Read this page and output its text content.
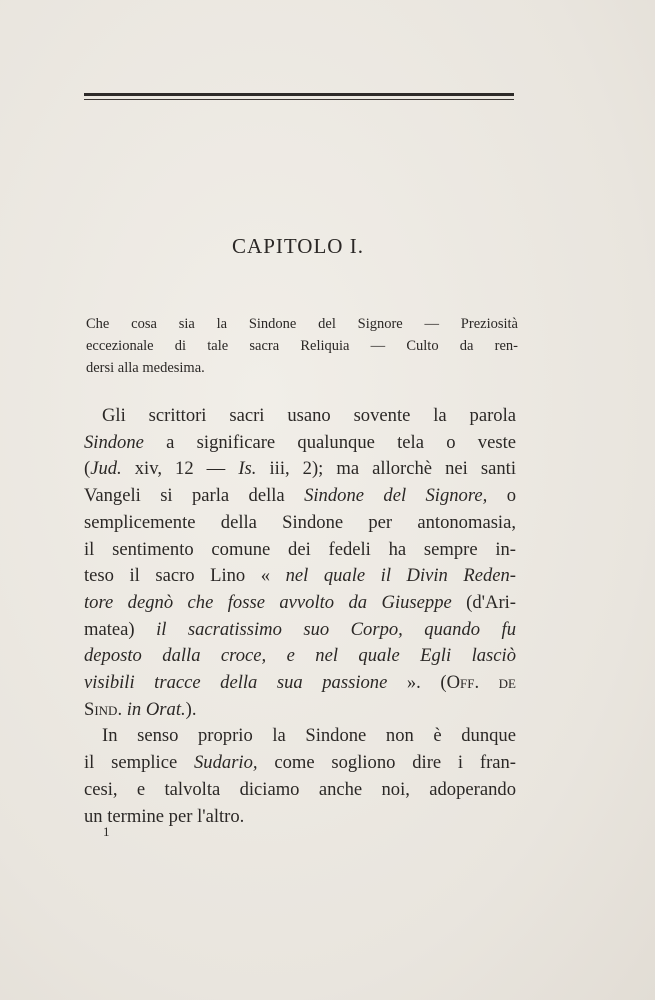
CAPITOLO I.
Che cosa sia la Sindone del Signore — Preziosità
eccezionale di tale sacra Reliquia — Culto da ren-
dersi alla medesima.
Gli scrittori sacri usano sovente la parola
Sindone a significare qualunque tela o veste
(Jud. xiv, 12 — Is. iii, 2); ma allorchè nei santi
Vangeli si parla della Sindone del Signore, o
semplicemente della Sindone per antonomasia,
il sentimento comune dei fedeli ha sempre in-
teso il sacro Lino « nel quale il Divin Reden-
tore degnò che fosse avvolto da Giuseppe (d'Ari-
matea) il sacratissimo suo Corpo, quando fu
deposto dalla croce, e nel quale Egli lasciò
visibili tracce della sua passione ». (Off. de
Sind. in Orat.).
In senso proprio la Sindone non è dunque
il semplice Sudario, come sogliono dire i fran-
cesi, e talvolta diciamo anche noi, adoperando
un termine per l'altro.
1
